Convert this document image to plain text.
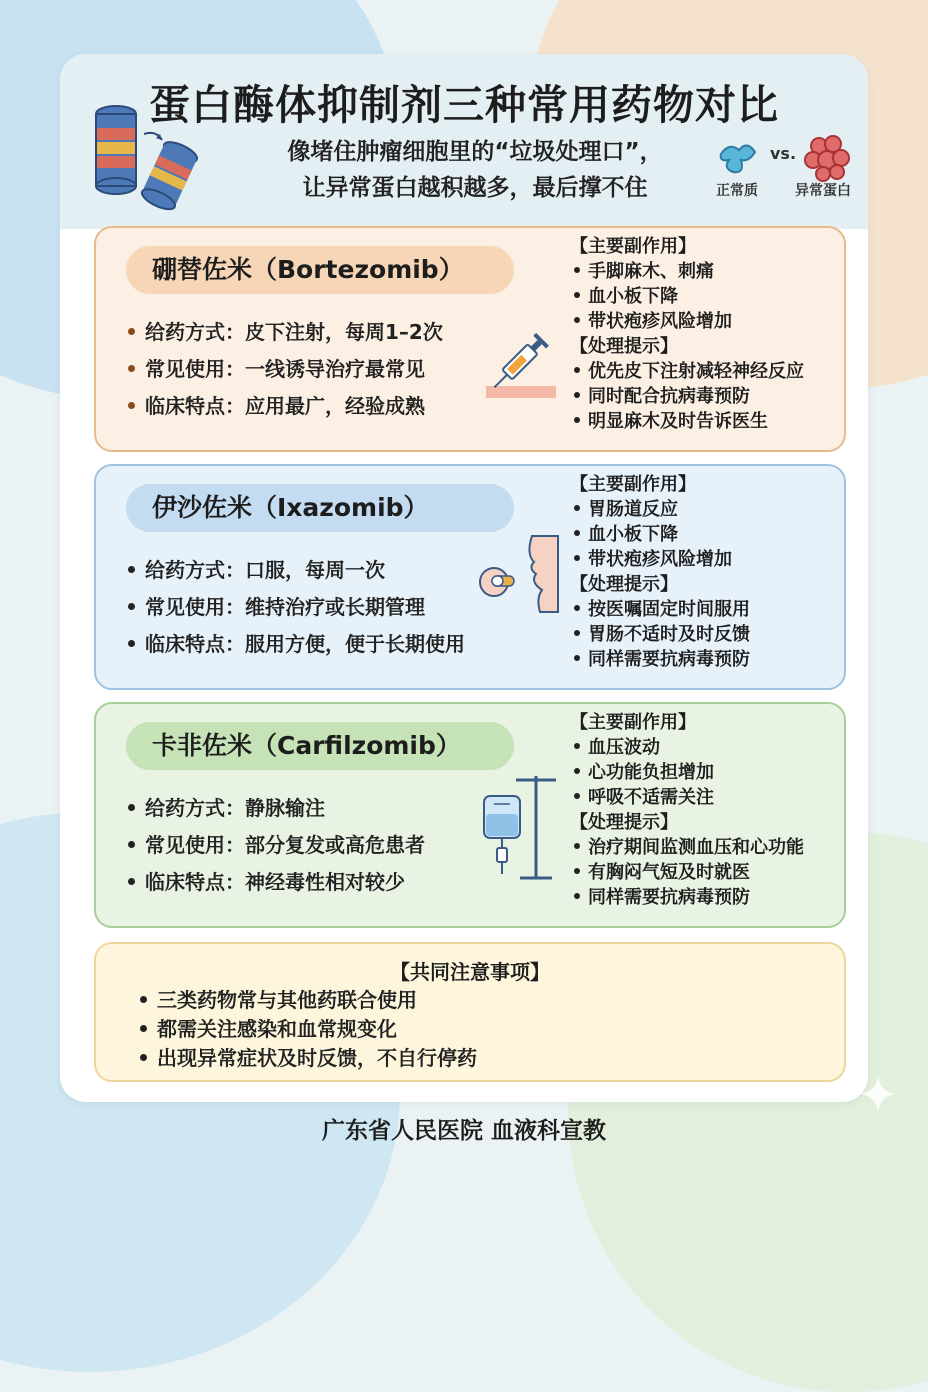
蛋白酶体抑制剂三种常用药物对比
像堵住肿瘤细胞里的“垃圾处理口”，
让异常蛋白越积越多，最后撑不住
vs.
正常质	异常蛋白
硼替佐米（Bortezomib）
给药方式：皮下注射，每周1–2次
常见使用：一线诱导治疗最常见
临床特点：应用最广，经验成熟
【主要副作用】
手脚麻木、刺痛
血小板下降
带状疱疹风险增加
【处理提示】
优先皮下注射减轻神经反应
同时配合抗病毒预防
明显麻木及时告诉医生
伊沙佐米（Ixazomib）
给药方式：口服，每周一次
常见使用：维持治疗或长期管理
临床特点：服用方便，便于长期使用
【主要副作用】
胃肠道反应
血小板下降
带状疱疹风险增加
【处理提示】
按医嘱固定时间服用
胃肠不适时及时反馈
同样需要抗病毒预防
卡非佐米（Carfilzomib）
给药方式：静脉输注
常见使用：部分复发或高危患者
临床特点：神经毒性相对较少
【主要副作用】
血压波动
心功能负担增加
呼吸不适需关注
【处理提示】
治疗期间监测血压和心功能
有胸闷气短及时就医
同样需要抗病毒预防
【共同注意事项】
三类药物常与其他药联合使用
都需关注感染和血常规变化
出现异常症状及时反馈，不自行停药
广东省人民医院 血液科宣教
